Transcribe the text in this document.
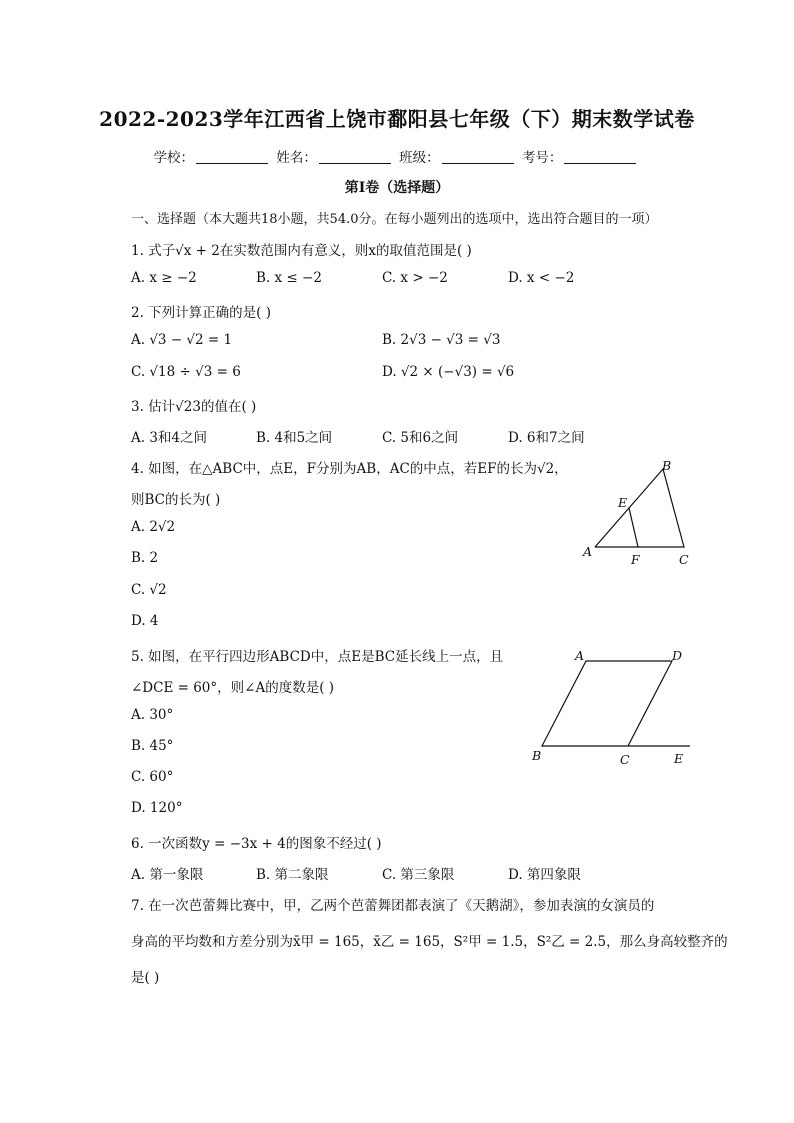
2022-2023学年江西省上饶市鄱阳县七年级（下）期末数学试卷
学校：	姓名：	班级：	考号：
第I卷（选择题）
一、选择题（本大题共18小题，共54.0分。在每小题列出的选项中，选出符合题目的一项）
1. 式子√x + 2在实数范围内有意义，则x的取值范围是( )
A. x ≥ −2	B. x ≤ −2	C. x > −2	D. x < −2
2. 下列计算正确的是( )
A. √3 − √2 = 1	B. 2√3 − √3 = √3
C. √18 ÷ √3 = 6	D. √2 × (−√3) = √6
3. 估计√23的值在( )
A. 3和4之间	B. 4和5之间	C. 5和6之间	D. 6和7之间
4. 如图，在△ABC中，点E，F分别为AB，AC的中点，若EF的长为√2，
则BC的长为( )
A. 2√2
B. 2
C. √2
D. 4
B
E
A
F	C
5. 如图，在平行四边形ABCD中，点E是BC延长线上一点，且
∠DCE = 60°，则∠A的度数是( )
A. 30°
B. 45°
C. 60°
D. 120°
A	D
B	C	E
6. 一次函数y = −3x + 4的图象不经过( )
A. 第一象限	B. 第二象限	C. 第三象限	D. 第四象限
7. 在一次芭蕾舞比赛中，甲，乙两个芭蕾舞团都表演了《天鹅湖》，参加表演的女演员的
身高的平均数和方差分别为x̄甲 = 165，x̄乙 = 165，S²甲 = 1.5，S²乙 = 2.5，那么身高较整齐的
是( )
